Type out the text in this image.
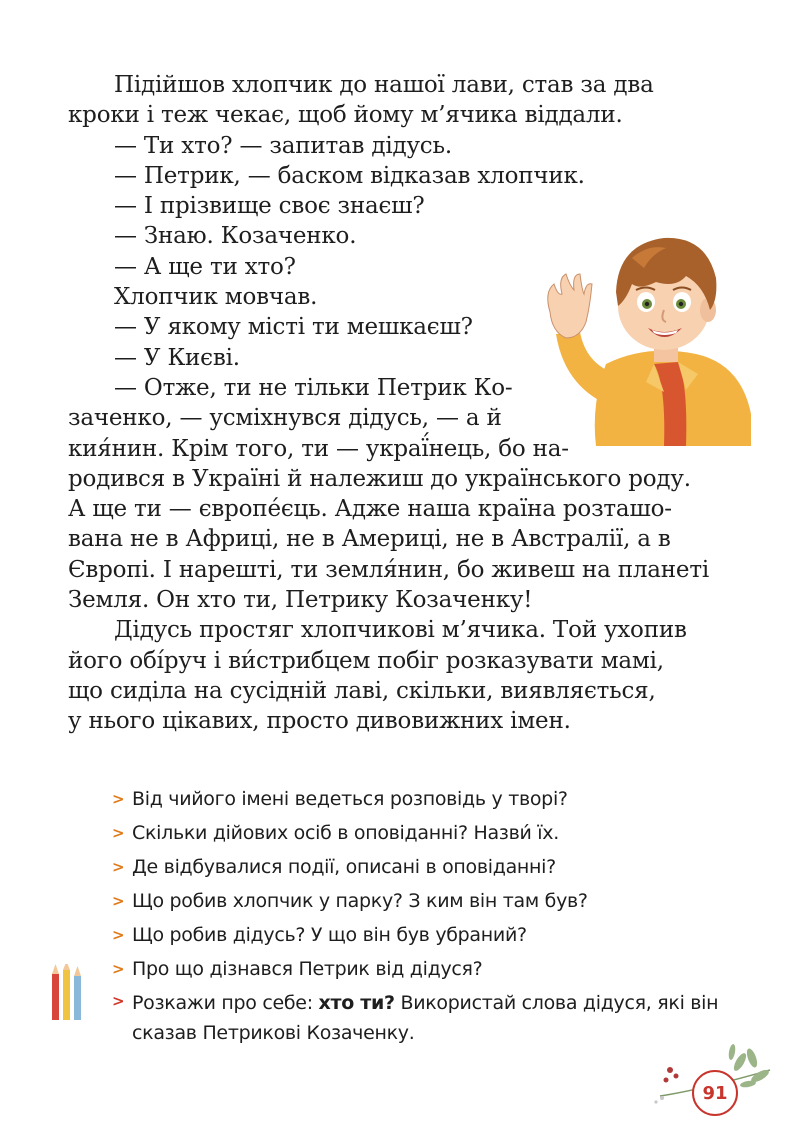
Підійшов хлопчик до нашої лави, став за два
кроки і теж чекає, щоб йому м’ячика віддали.
— Ти хто? — запитав дідусь.
— Петрик, — баском відказав хлопчик.
— І прізвище своє знаєш?
— Знаю. Козаченко.
— А ще ти хто?
Хлопчик мовчав.
— У якому місті ти мешкаєш?
— У Києві.
— Отже, ти не тільки Петрик Ко-
заченко, — усміхнувся дідусь, — а й
кия́нин. Крім того, ти — украї́нець, бо на-
родився в Україні й належиш до українського роду.
А ще ти — європе́єць. Адже наша країна розташо-
вана не в Африці, не в Америці, не в Австралії, а в
Європі. І нарешті, ти земля́нин, бо живеш на планеті
Земля. Он хто ти, Петрику Козаченку!
Дідусь простяг хлопчикові м’ячика. Той ухопив
його обі́руч і ви́стрибцем побіг розказувати мамі,
що сиділа на сусідній лаві, скільки, виявляється,
у нього цікавих, просто дивовижних імен.
> Від чийого імені ведеться розповідь у творі?
> Скільки дійових осіб в оповіданні? Назви́ їх.
> Де відбувалися події, описані в оповіданні?
> Що робив хлопчик у парку? З ким він там був?
> Що робив дідусь? У що він був убраний?
> Про що дізнався Петрик від дідуся?
> Розкажи про себе: хто ти? Використай слова дідуся, які він сказав Петрикові Козаченку.
91
